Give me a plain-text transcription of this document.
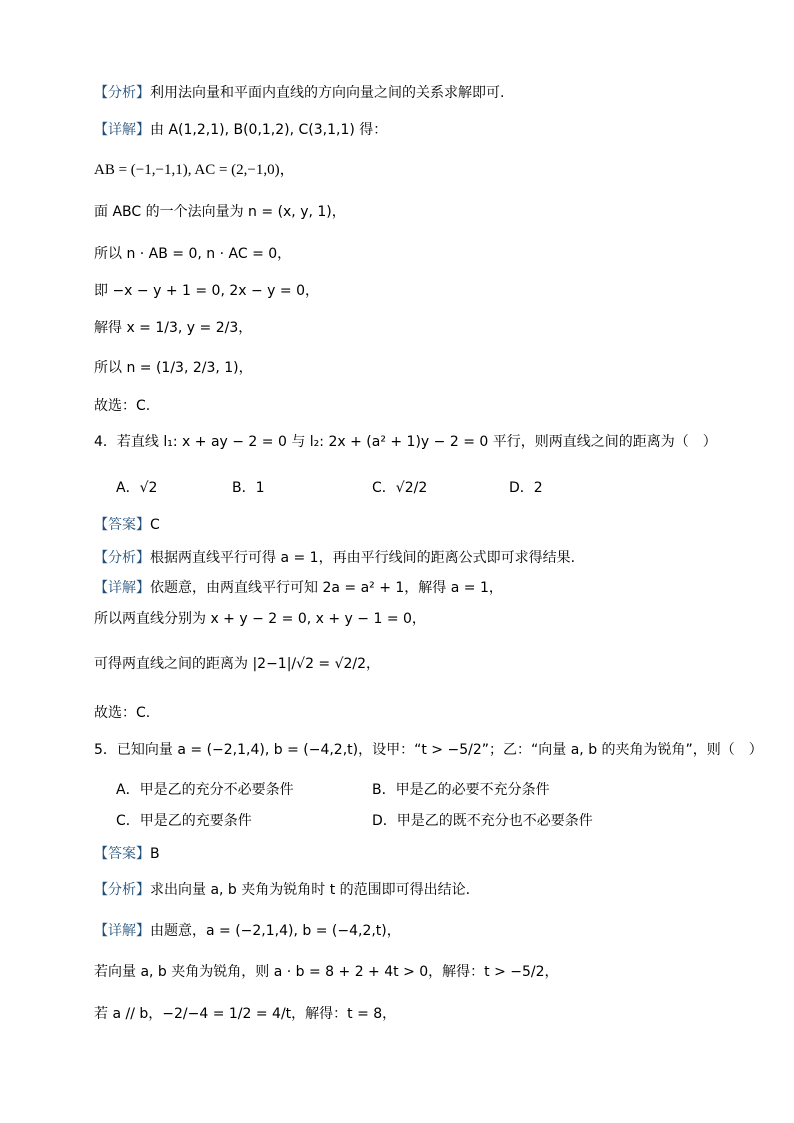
【分析】利用法向量和平面内直线的方向向量之间的关系求解即可.
【详解】由 A(1,2,1), B(0,1,2), C(3,1,1) 得：
AB = (−1,−1,1), AC = (2,−1,0)，
面 ABC 的一个法向量为 n = (x, y, 1)，
所以 n · AB = 0, n · AC = 0，
即 −x − y + 1 = 0, 2x − y = 0，
解得 x = 1/3, y = 2/3，
所以 n = (1/3, 2/3, 1)，
故选：C.
4．若直线 l₁: x + ay − 2 = 0 与 l₂: 2x + (a² + 1)y − 2 = 0 平行，则两直线之间的距离为（　）
A．√2	B．1	C．√2/2	D．2
【答案】C
【分析】根据两直线平行可得 a = 1，再由平行线间的距离公式即可求得结果.
【详解】依题意，由两直线平行可知 2a = a² + 1，解得 a = 1，
所以两直线分别为 x + y − 2 = 0, x + y − 1 = 0，
可得两直线之间的距离为 |2−1|/√2 = √2/2，
故选：C.
5．已知向量 a = (−2,1,4), b = (−4,2,t)，设甲：“t > −5/2”；乙：“向量 a, b 的夹角为锐角”，则（　）
A．甲是乙的充分不必要条件	B．甲是乙的必要不充分条件
C．甲是乙的充要条件	D．甲是乙的既不充分也不必要条件
【答案】B
【分析】求出向量 a, b 夹角为锐角时 t 的范围即可得出结论.
【详解】由题意，a = (−2,1,4), b = (−4,2,t)，
若向量 a, b 夹角为锐角，则 a · b = 8 + 2 + 4t > 0，解得：t > −5/2，
若 a // b，−2/−4 = 1/2 = 4/t，解得：t = 8，
